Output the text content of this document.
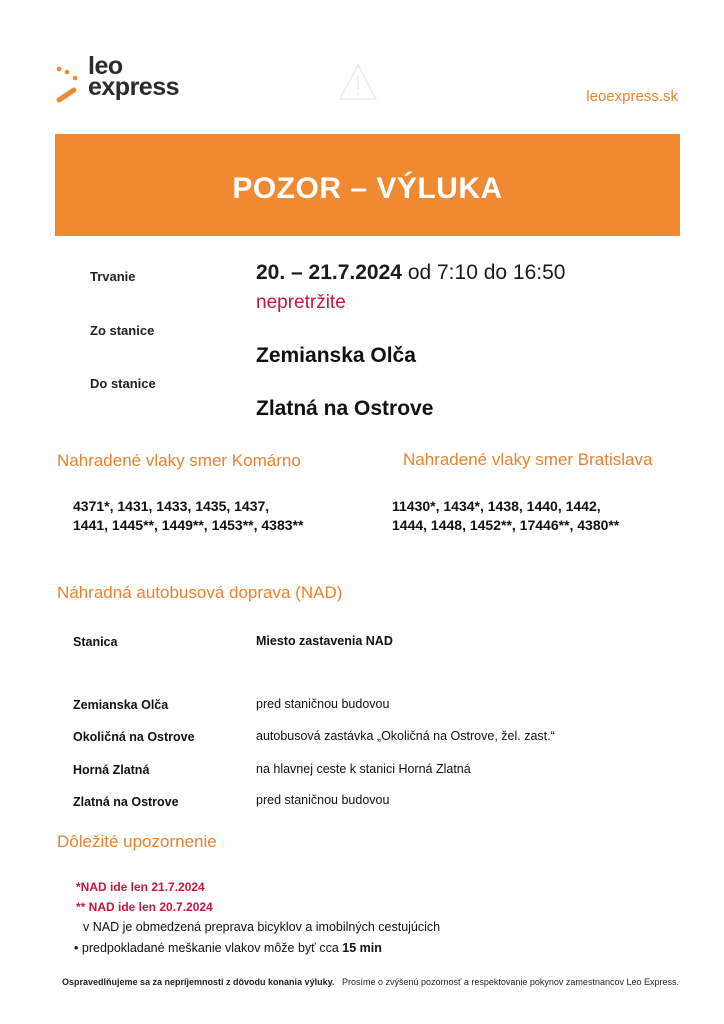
leo
express	leoexpress.sk
POZOR – VÝLUKA
Trvanie	20. – 21.7.2024 od 7:10 do 16:50
nepretržite
Zo stanice
Zemianska Olča
Do stanice
Zlatná na Ostrove
Nahradené vlaky smer Komárno	Nahradené vlaky smer Bratislava
4371*, 1431, 1433, 1435, 1437,
1441, 1445**, 1449**, 1453**, 4383**
11430*, 1434*, 1438, 1440, 1442,
1444, 1448, 1452**, 17446**, 4380**
Náhradná autobusová doprava (NAD)
Stanica	Miesto zastavenia NAD
Zemianska Olča	pred staničnou budovou
Okoličná na Ostrove	autobusová zastávka „Okoličná na Ostrove, žel. zast.“
Horná Zlatná	na hlavnej ceste k stanici Horná Zlatná
Zlatná na Ostrove	pred staničnou budovou
Dôležité upozornenie
*NAD ide len 21.7.2024
** NAD ide len 20.7.2024
v NAD je obmedzená preprava bicyklov a imobilných cestujúcich
• predpokladané meškanie vlakov môže byť cca 15 min
Ospravedlňujeme sa za nepríjemnosti z dôvodu konania výluky. Prosíme o zvýšenú pozornosť a respektovanie pokynov zamestnancov Leo Express.
